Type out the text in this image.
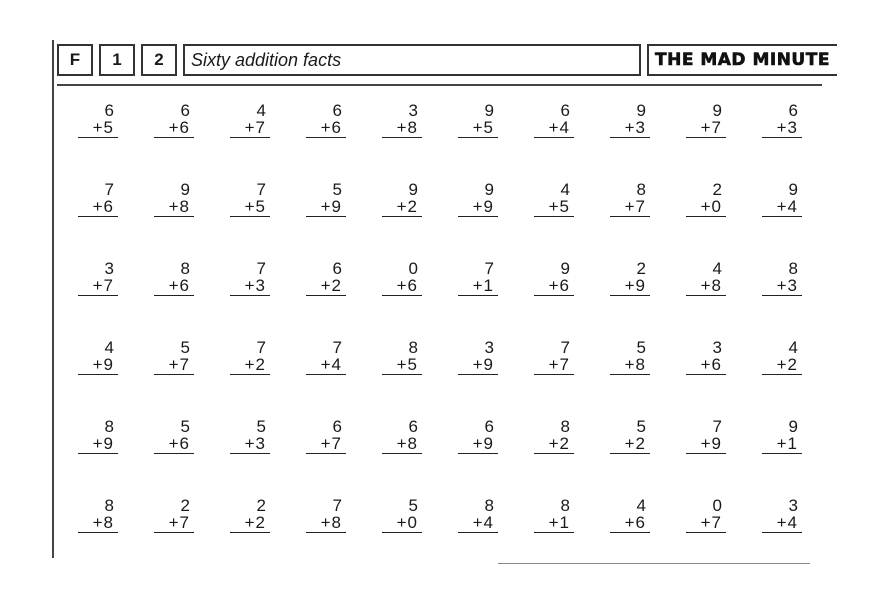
F	1	2	Sixty addition facts	THE MAD MINUTE
6
+5
6
+6
4
+7
6
+6
3
+8
9
+5
6
+4
9
+3
9
+7
6
+3
7
+6
9
+8
7
+5
5
+9
9
+2
9
+9
4
+5
8
+7
2
+0
9
+4
3
+7
8
+6
7
+3
6
+2
0
+6
7
+1
9
+6
2
+9
4
+8
8
+3
4
+9
5
+7
7
+2
7
+4
8
+5
3
+9
7
+7
5
+8
3
+6
4
+2
8
+9
5
+6
5
+3
6
+7
6
+8
6
+9
8
+2
5
+2
7
+9
9
+1
8
+8
2
+7
2
+2
7
+8
5
+0
8
+4
8
+1
4
+6
0
+7
3
+4
